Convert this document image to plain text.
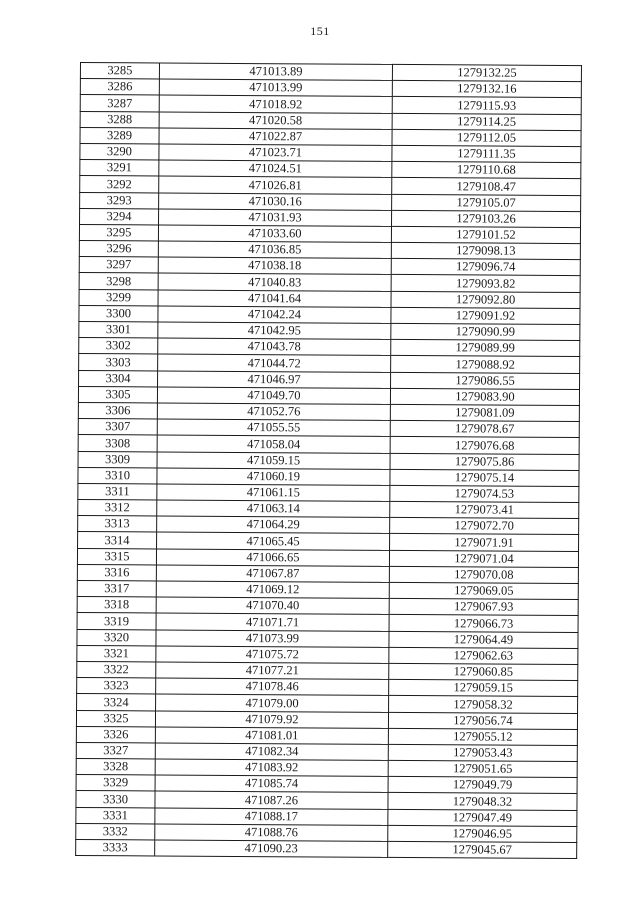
151
3285	471013.89	1279132.25
3286	471013.99	1279132.16
3287	471018.92	1279115.93
3288	471020.58	1279114.25
3289	471022.87	1279112.05
3290	471023.71	1279111.35
3291	471024.51	1279110.68
3292	471026.81	1279108.47
3293	471030.16	1279105.07
3294	471031.93	1279103.26
3295	471033.60	1279101.52
3296	471036.85	1279098.13
3297	471038.18	1279096.74
3298	471040.83	1279093.82
3299	471041.64	1279092.80
3300	471042.24	1279091.92
3301	471042.95	1279090.99
3302	471043.78	1279089.99
3303	471044.72	1279088.92
3304	471046.97	1279086.55
3305	471049.70	1279083.90
3306	471052.76	1279081.09
3307	471055.55	1279078.67
3308	471058.04	1279076.68
3309	471059.15	1279075.86
3310	471060.19	1279075.14
3311	471061.15	1279074.53
3312	471063.14	1279073.41
3313	471064.29	1279072.70
3314	471065.45	1279071.91
3315	471066.65	1279071.04
3316	471067.87	1279070.08
3317	471069.12	1279069.05
3318	471070.40	1279067.93
3319	471071.71	1279066.73
3320	471073.99	1279064.49
3321	471075.72	1279062.63
3322	471077.21	1279060.85
3323	471078.46	1279059.15
3324	471079.00	1279058.32
3325	471079.92	1279056.74
3326	471081.01	1279055.12
3327	471082.34	1279053.43
3328	471083.92	1279051.65
3329	471085.74	1279049.79
3330	471087.26	1279048.32
3331	471088.17	1279047.49
3332	471088.76	1279046.95
3333	471090.23	1279045.67
